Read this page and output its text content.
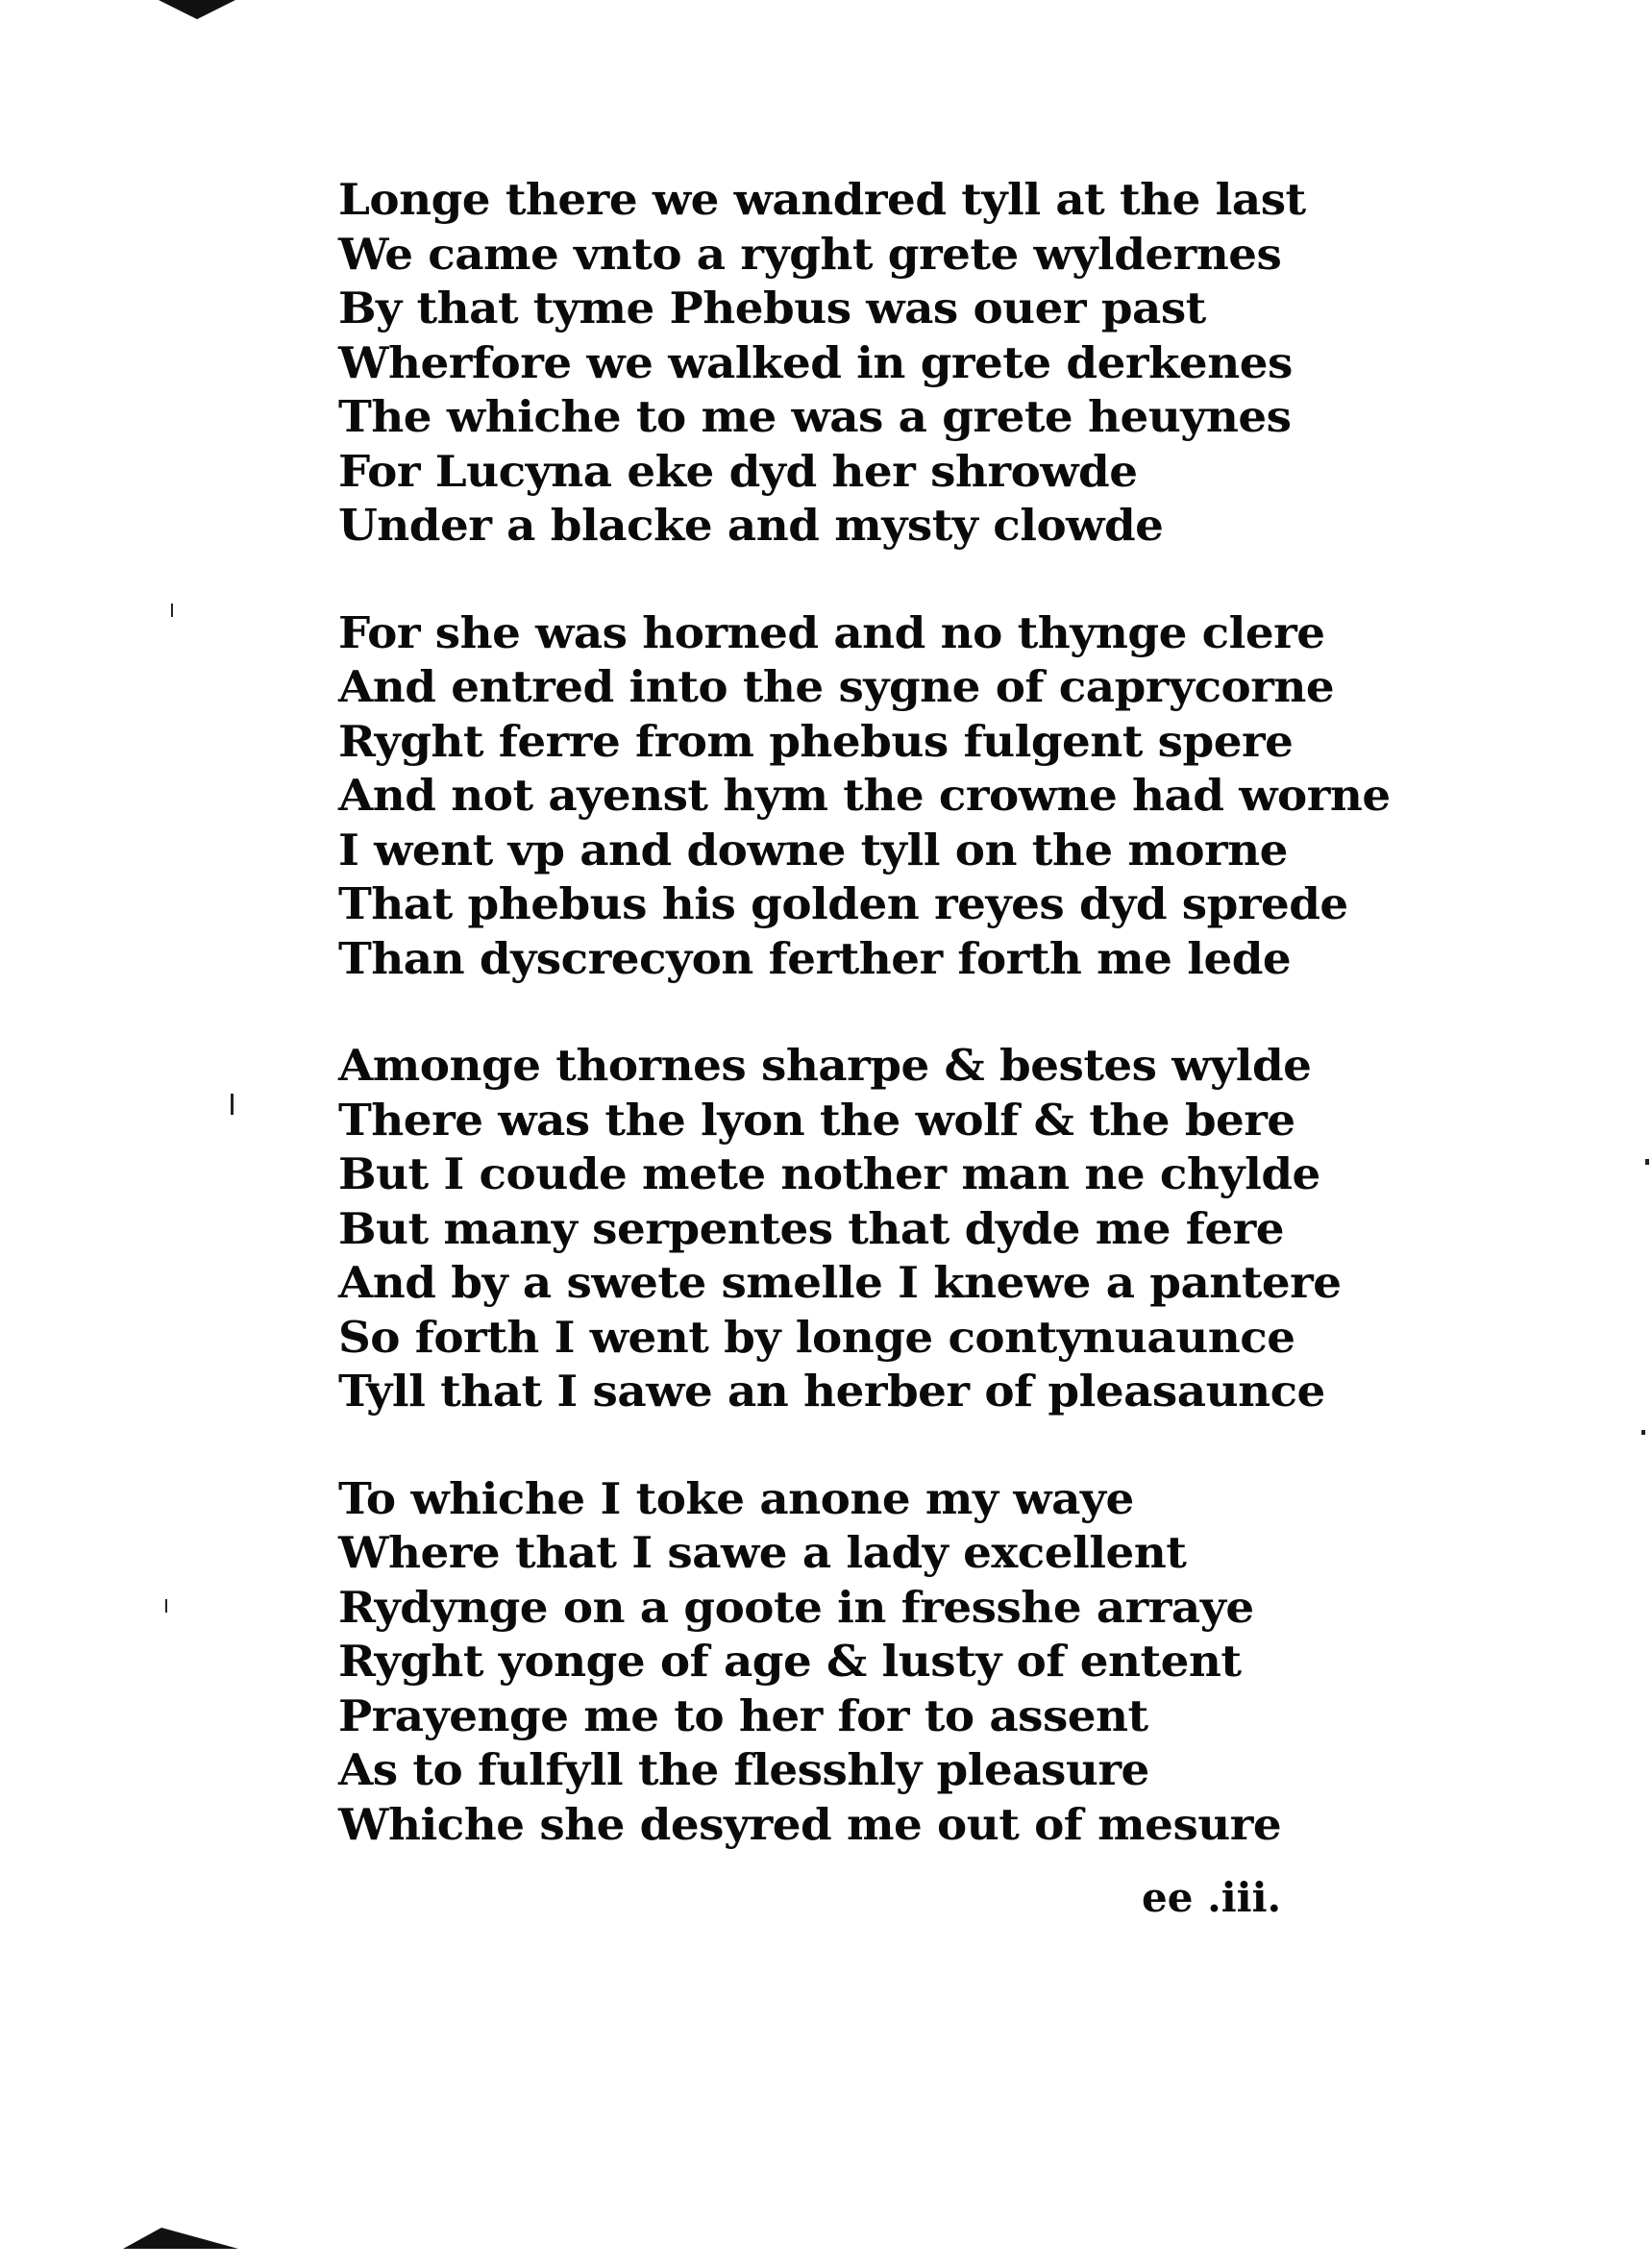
Longe there we wandred tyll at the last
We came vnto a ryght grete wyldernes
By that tyme Phebus was ouer past
Wherfore we walked in grete derkenes
The whiche to me was a grete heuynes
For Lucyna eke dyd her shrowde
Under a blacke and mysty clowde
For she was horned and no thynge clere
And entred into the sygne of caprycorne
Ryght ferre from phebus fulgent spere
And not ayenst hym the crowne had worne
I went vp and downe tyll on the morne
That phebus his golden reyes dyd sprede
Than dyscrecyon ferther forth me lede
Amonge thornes sharpe & bestes wylde
There was the lyon the wolf & the bere
But I coude mete nother man ne chylde
But many serpentes that dyde me fere
And by a swete smelle I knewe a pantere
So forth I went by longe contynuaunce
Tyll that I sawe an herber of pleasaunce
To whiche I toke anone my waye
Where that I sawe a lady excellent
Rydynge on a goote in fresshe arraye
Ryght yonge of age & lusty of entent
Prayenge me to her for to assent
As to fulfyll the flesshly pleasure
Whiche she desyred me out of mesure
ee .iii.
